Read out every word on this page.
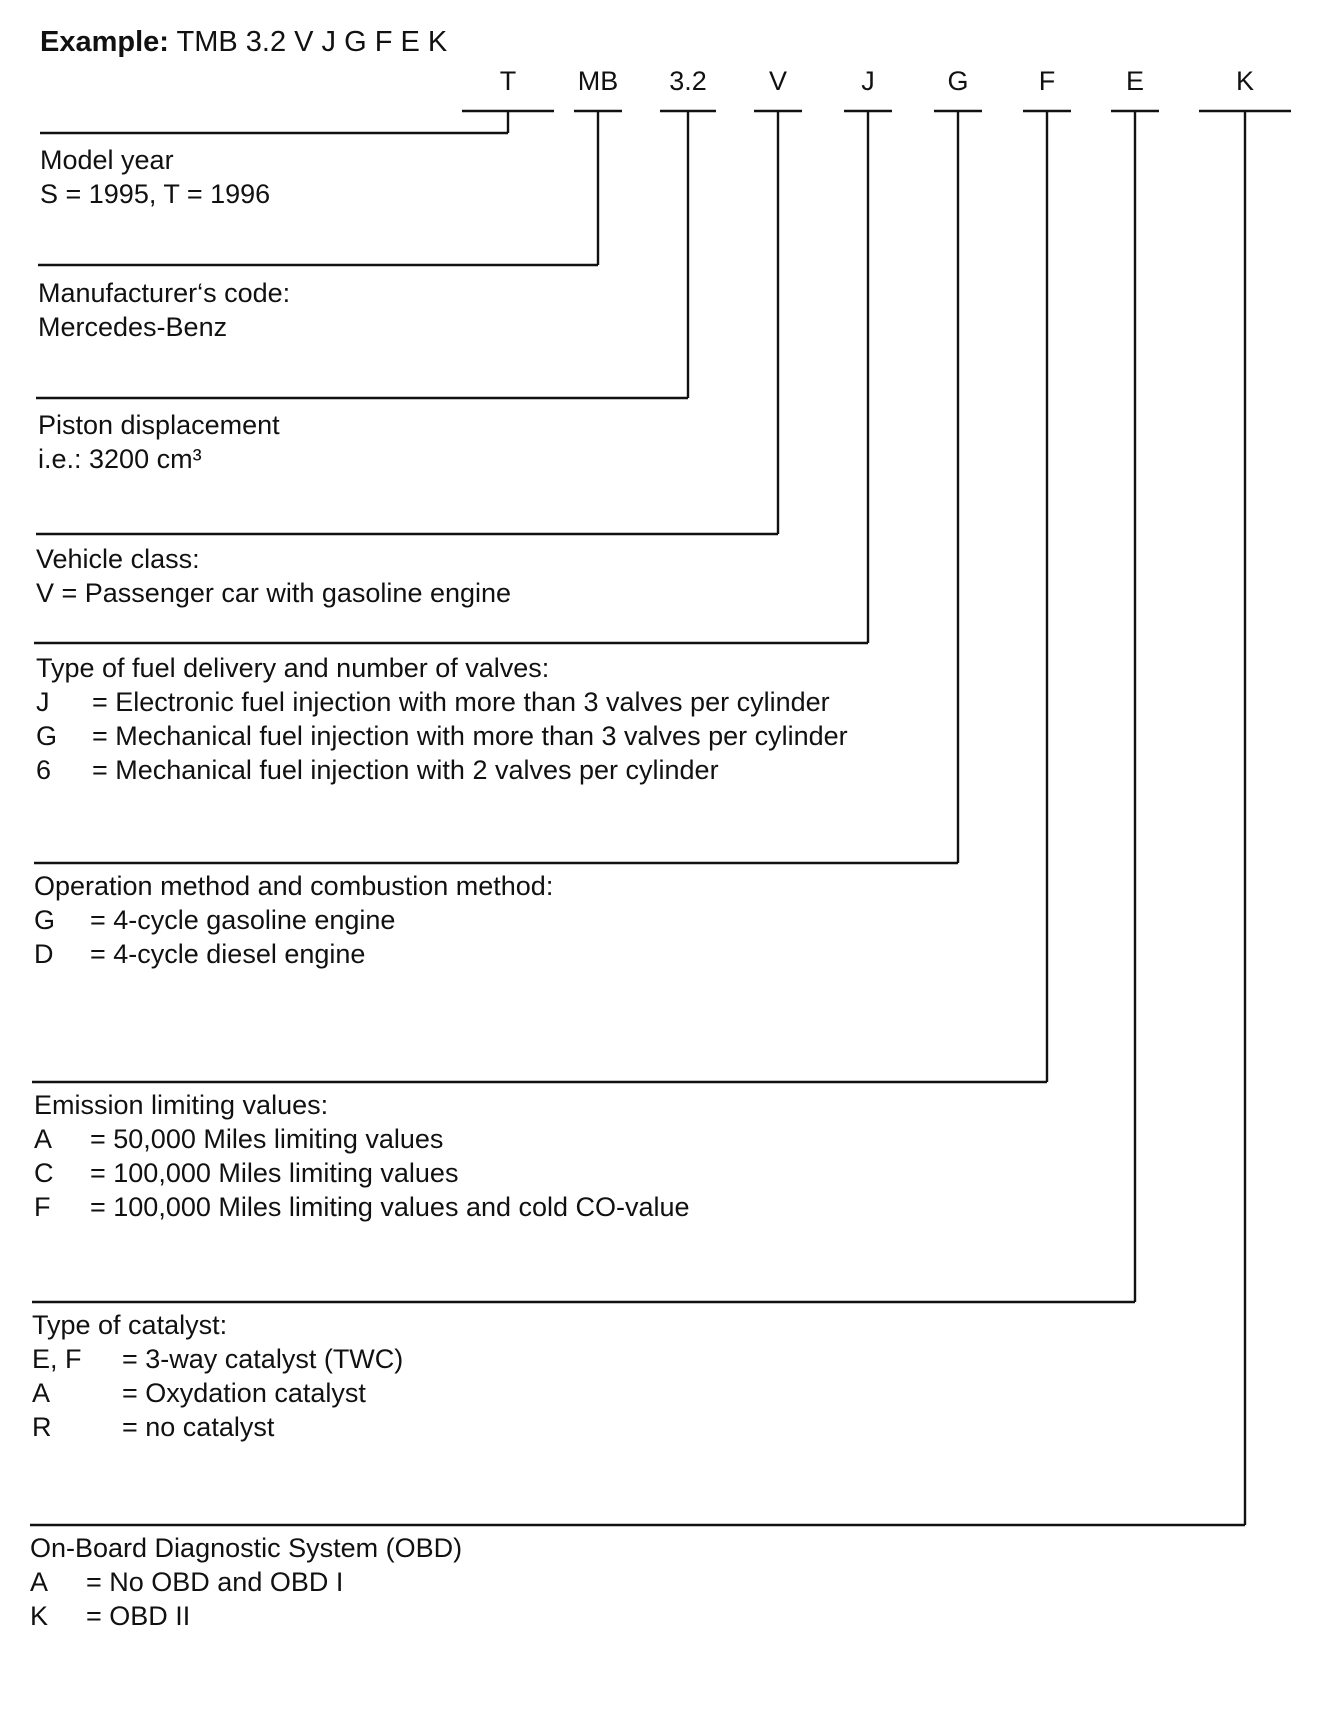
Example: TMB 3.2 V J G F E K
T MB 3.2 V	J	G	F	E	K
Model year
S = 1995, T = 1996
Manufacturer‘s code:
Mercedes-Benz
Piston displacement
i.e.: 3200 cm³
Vehicle class:
V = Passenger car with gasoline engine
Type of fuel delivery and number of valves:
J = Electronic fuel injection with more than 3 valves per cylinder
G = Mechanical fuel injection with more than 3 valves per cylinder
6 = Mechanical fuel injection with 2 valves per cylinder
Operation method and combustion method:
G = 4-cycle gasoline engine
D = 4-cycle diesel engine
Emission limiting values:
A = 50,000 Miles limiting values
C = 100,000 Miles limiting values
F = 100,000 Miles limiting values and cold CO-value
Type of catalyst:
E, F = 3-way catalyst (TWC)
A	= Oxydation catalyst
R	= no catalyst
On-Board Diagnostic System (OBD)
A = No OBD and OBD I
K = OBD II
